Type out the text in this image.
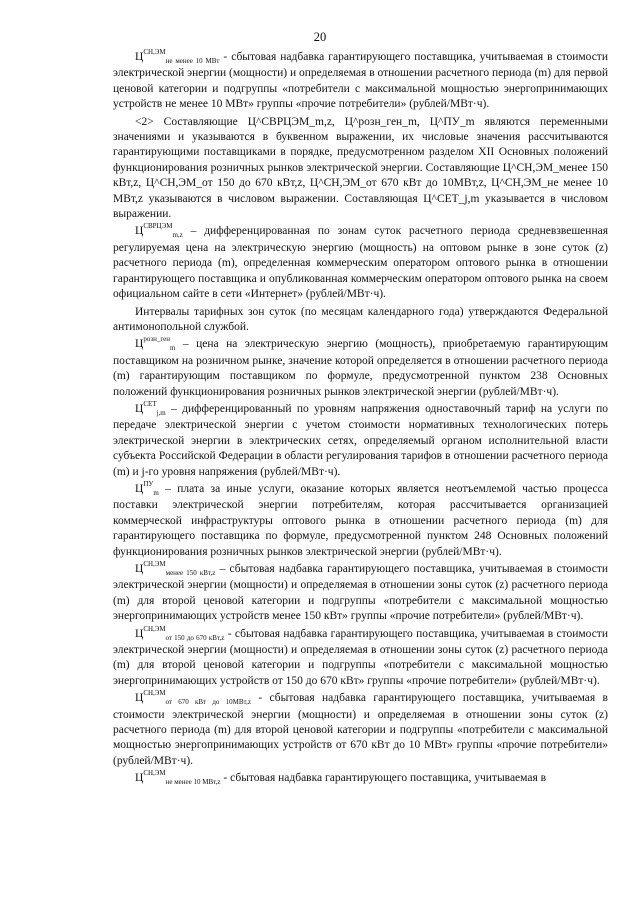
20

$Ц^{СН,ЭМ}_{не менее 10 МВт}$ - сбытовая надбавка гарантирующего поставщика, учитываемая в стоимости электрической энергии (мощности) и определяемая в отношении расчетного периода (m) для первой ценовой категории и подгруппы «потребители с максимальной мощностью энергопринимающих устройств не менее 10 МВт» группы «прочие потребители» (рублей/МВт·ч).

<2> Составляющие Ц^СВРЦЭМ_m,z, Ц^розн_ген_m, Ц^ПУ_m являются переменными значениями и указываются в буквенном выражении, их числовые значения рассчитываются гарантирующими поставщиками в порядке, предусмотренном разделом XII Основных положений функционирования розничных рынков электрической энергии. Составляющие Ц^СН,ЭМ_менее 150 кВт,z, Ц^СН,ЭМ_от 150 до 670 кВт,z, Ц^СН,ЭМ_от 670 кВт до 10МВт,z, Ц^СН,ЭМ_не менее 10 МВт,z указываются в числовом выражении. Составляющая Ц^СЕТ_j,m указывается в числовом выражении.

$Ц^{СВРЦЭМ}_{m,z}$ – дифференцированная по зонам суток расчетного периода средневзвешенная регулируемая цена на электрическую энергию (мощность) на оптовом рынке в зоне суток (z) расчетного периода (m), определенная коммерческим оператором оптового рынка в отношении гарантирующего поставщика и опубликованная коммерческим оператором оптового рынка на своем официальном сайте в сети «Интернет» (рублей/МВт·ч).

Интервалы тарифных зон суток (по месяцам календарного года) утверждаются Федеральной антимонопольной службой.

$Ц^{розн\_ген}_m$ – цена на электрическую энергию (мощность), приобретаемую гарантирующим поставщиком на розничном рынке, значение которой определяется в отношении расчетного периода (m) гарантирующим поставщиком по формуле, предусмотренной пунктом 238 Основных положений функционирования розничных рынков электрической энергии (рублей/МВт·ч).

$Ц^{СЕТ}_{j,m}$ – дифференцированный по уровням напряжения одноставочный тариф на услуги по передаче электрической энергии с учетом стоимости нормативных технологических потерь электрической энергии в электрических сетях, определяемый органом исполнительной власти субъекта Российской Федерации в области регулирования тарифов в отношении расчетного периода (m) и j-го уровня напряжения (рублей/МВт·ч).

$Ц^{ПУ}_m$ – плата за иные услуги, оказание которых является неотъемлемой частью процесса поставки электрической энергии потребителям, которая рассчитывается организацией коммерческой инфраструктуры оптового рынка в отношении расчетного периода (m) для гарантирующего поставщика по формуле, предусмотренной пунктом 248 Основных положений функционирования розничных рынков электрической энергии (рублей/МВт·ч).

$Ц^{СН,ЭМ}_{менее 150 кВт,z}$ – сбытовая надбавка гарантирующего поставщика, учитываемая в стоимости электрической энергии (мощности) и определяемая в отношении зоны суток (z) расчетного периода (m) для второй ценовой категории и подгруппы «потребители с максимальной мощностью энергопринимающих устройств менее 150 кВт» группы «прочие потребители» (рублей/МВт·ч).

$Ц^{СН,ЭМ}_{от 150 до 670 кВт,z}$ - сбытовая надбавка гарантирующего поставщика, учитываемая в стоимости электрической энергии (мощности) и определяемая в отношении зоны суток (z) расчетного периода (m) для второй ценовой категории и подгруппы «потребители с максимальной мощностью энергопринимающих устройств от 150 до 670 кВт» группы «прочие потребители» (рублей/МВт·ч).

$Ц^{СН,ЭМ}_{от 670 кВт до 10МВт,z}$ - сбытовая надбавка гарантирующего поставщика, учитываемая в стоимости электрической энергии (мощности) и определяемая в отношении зоны суток (z) расчетного периода (m) для второй ценовой категории и подгруппы «потребители с максимальной мощностью энергопринимающих устройств от 670 кВт до 10 МВт» группы «прочие потребители» (рублей/МВт·ч).

$Ц^{СН,ЭМ}_{не менее 10 МВт,z}$ - сбытовая надбавка гарантирующего поставщика, учитываемая в
